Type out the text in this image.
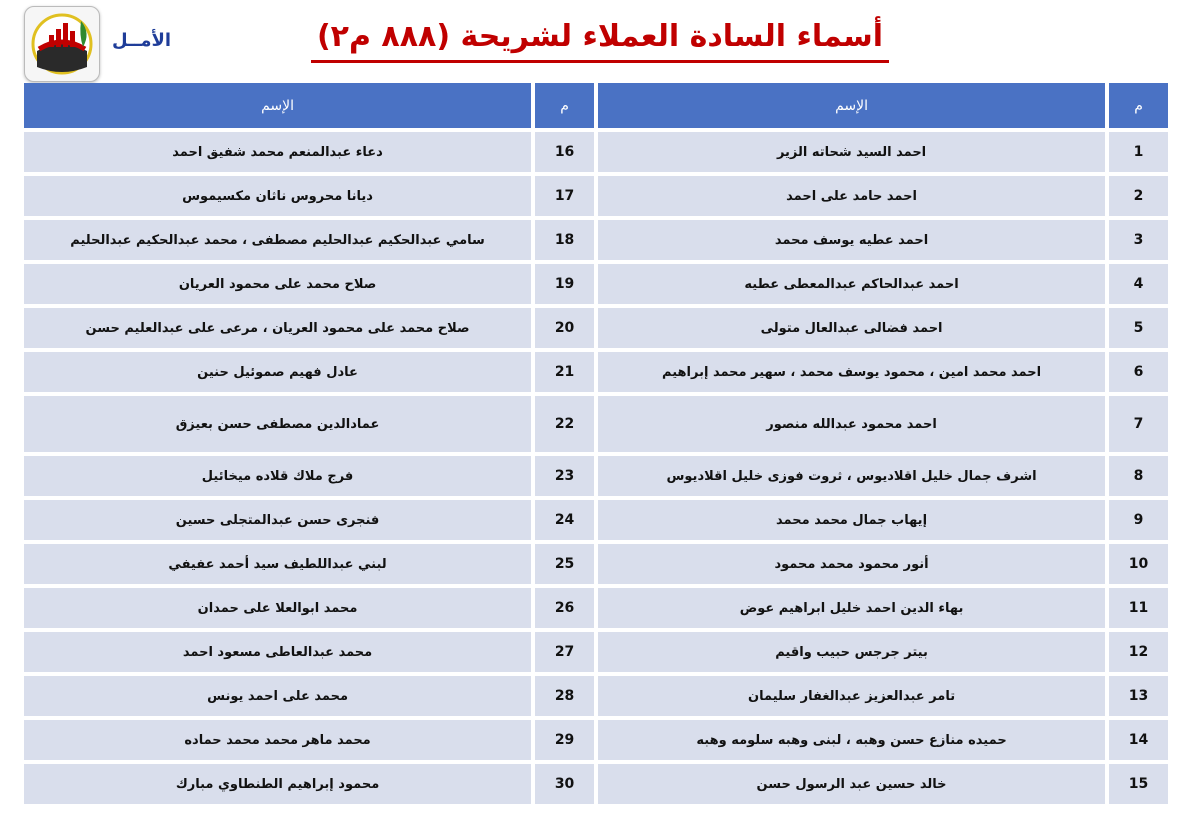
أسماء السادة العملاء لشريحة (٨٨٨ م٢)
الأمــل
م	الإسم	م	الإسم
1	احمد السيد شحاته الزير	16	دعاء عبدالمنعم محمد شفيق احمد
2	احمد حامد على احمد	17	ديانا محروس ناثان مكسيموس
3	احمد عطيه يوسف محمد	18	سامي عبدالحكيم عبدالحليم مصطفى ، محمد عبدالحكيم عبدالحليم
4	احمد عبدالحاكم عبدالمعطى عطيه	19	صلاح محمد على محمود العريان
5	احمد فضالى عبدالعال متولى	20	صلاح محمد على محمود العريان ، مرعى على عبدالعليم حسن
6	احمد محمد امين ، محمود يوسف محمد ، سهير محمد إبراهيم	21	عادل فهيم صموئيل حنين
7	احمد محمود عبدالله منصور	22	عمادالدين مصطفى حسن بعيزق
8	اشرف جمال خليل اقلاديوس ، ثروت فوزى خليل اقلاديوس	23	فرج ملاك قلاده ميخائيل
9	إيهاب جمال محمد محمد	24	فنجرى حسن عبدالمتجلى حسين
10	أنور محمود محمد محمود	25	لبني عبداللطيف سيد أحمد عفيفي
11	بهاء الدين احمد خليل ابراهيم عوض	26	محمد ابوالعلا على حمدان
12	بيتر جرجس حبيب واقيم	27	محمد عبدالعاطى مسعود احمد
13	تامر عبدالعزيز عبدالغفار سليمان	28	محمد على احمد يونس
14	حميده منازع حسن وهبه ، لبنى وهبه سلومه وهبه	29	محمد ماهر محمد محمد حماده
15	خالد حسين عبد الرسول حسن	30	محمود إبراهيم الطنطاوي مبارك
